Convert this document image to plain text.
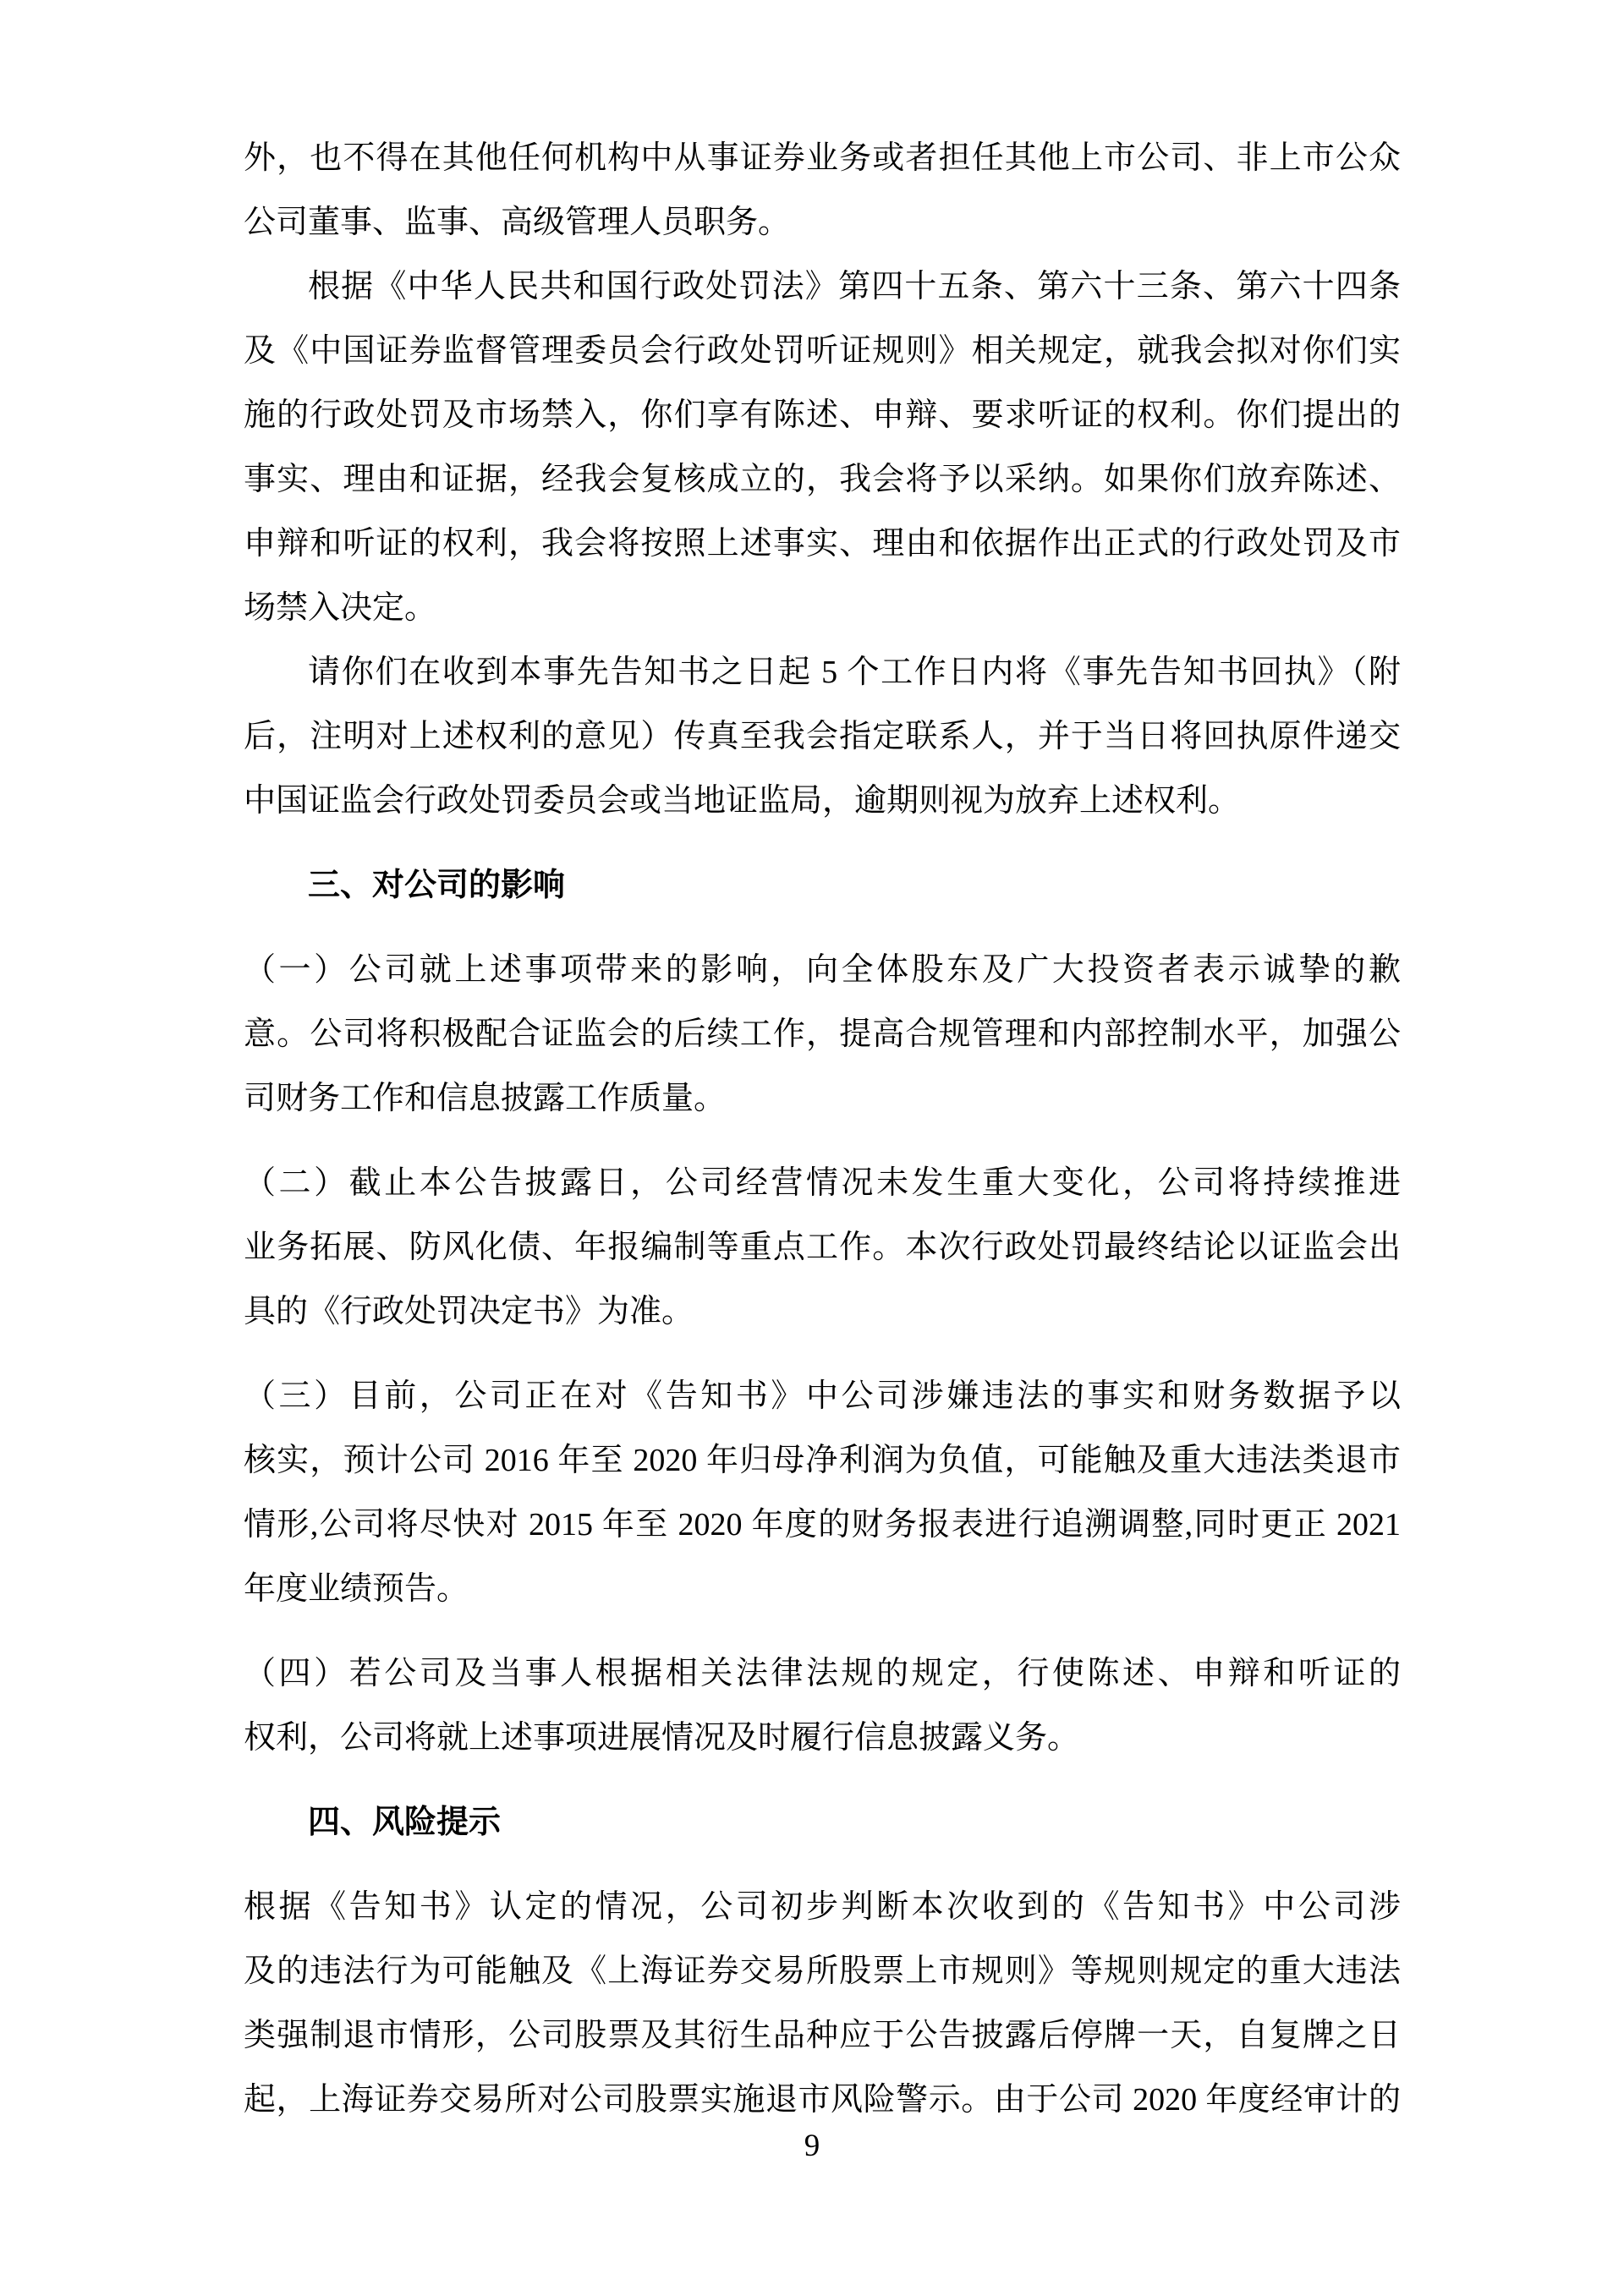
外，也不得在其他任何机构中从事证券业务或者担任其他上市公司、非上市公众
公司董事、监事、高级管理人员职务。
根据《中华人民共和国行政处罚法》第四十五条、第六十三条、第六十四条
及《中国证券监督管理委员会行政处罚听证规则》相关规定，就我会拟对你们实
施的行政处罚及市场禁入，你们享有陈述、申辩、要求听证的权利。你们提出的
事实、理由和证据，经我会复核成立的，我会将予以采纳。如果你们放弃陈述、
申辩和听证的权利，我会将按照上述事实、理由和依据作出正式的行政处罚及市
场禁入决定。
请你们在收到本事先告知书之日起 5 个工作日内将《事先告知书回执》（附
后，注明对上述权利的意见）传真至我会指定联系人，并于当日将回执原件递交
中国证监会行政处罚委员会或当地证监局，逾期则视为放弃上述权利。
三、对公司的影响
（一）公司就上述事项带来的影响，向全体股东及广大投资者表示诚挚的歉
意。公司将积极配合证监会的后续工作，提高合规管理和内部控制水平，加强公
司财务工作和信息披露工作质量。
（二）截止本公告披露日，公司经营情况未发生重大变化，公司将持续推进
业务拓展、防风化债、年报编制等重点工作。本次行政处罚最终结论以证监会出
具的《行政处罚决定书》为准。
（三）目前，公司正在对《告知书》中公司涉嫌违法的事实和财务数据予以
核实，预计公司 2016 年至 2020 年归母净利润为负值，可能触及重大违法类退市
情形,公司将尽快对 2015 年至 2020 年度的财务报表进行追溯调整,同时更正 2021
年度业绩预告。
（四）若公司及当事人根据相关法律法规的规定，行使陈述、申辩和听证的
权利，公司将就上述事项进展情况及时履行信息披露义务。
四、风险提示
根据《告知书》认定的情况，公司初步判断本次收到的《告知书》中公司涉
及的违法行为可能触及《上海证券交易所股票上市规则》等规则规定的重大违法
类强制退市情形，公司股票及其衍生品种应于公告披露后停牌一天，自复牌之日
起，上海证券交易所对公司股票实施退市风险警示。由于公司 2020 年度经审计的
9
